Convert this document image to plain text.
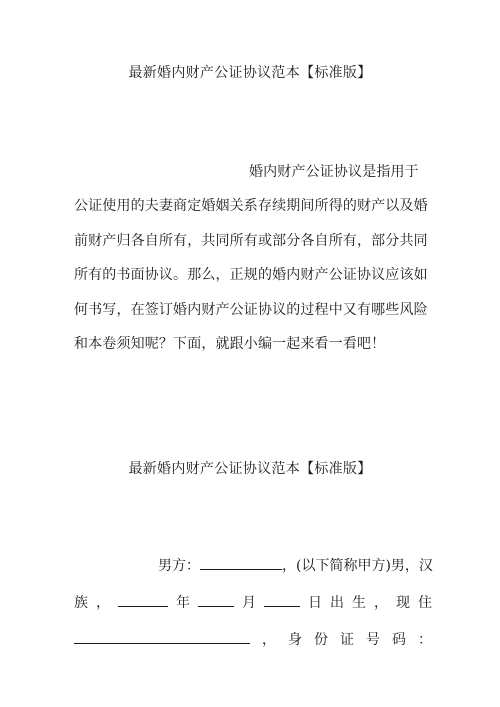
最新婚内财产公证协议范本【标准版】
婚内财产公证协议是指用于
公证使用的夫妻商定婚姻关系存续期间所得的财产以及婚
前财产归各自所有，共同所有或部分各自所有，部分共同
所有的书面协议。那么，正规的婚内财产公证协议应该如
何书写，在签订婚内财产公证协议的过程中又有哪些风险
和本卷须知呢？下面，就跟小编一起来看一看吧！
最新婚内财产公证协议范本【标准版】
男方：	，(以下简称甲方)男，汉
族 ，	年	月	日 出 生 ， 现 住
， 身 份 证 号 码 ：
